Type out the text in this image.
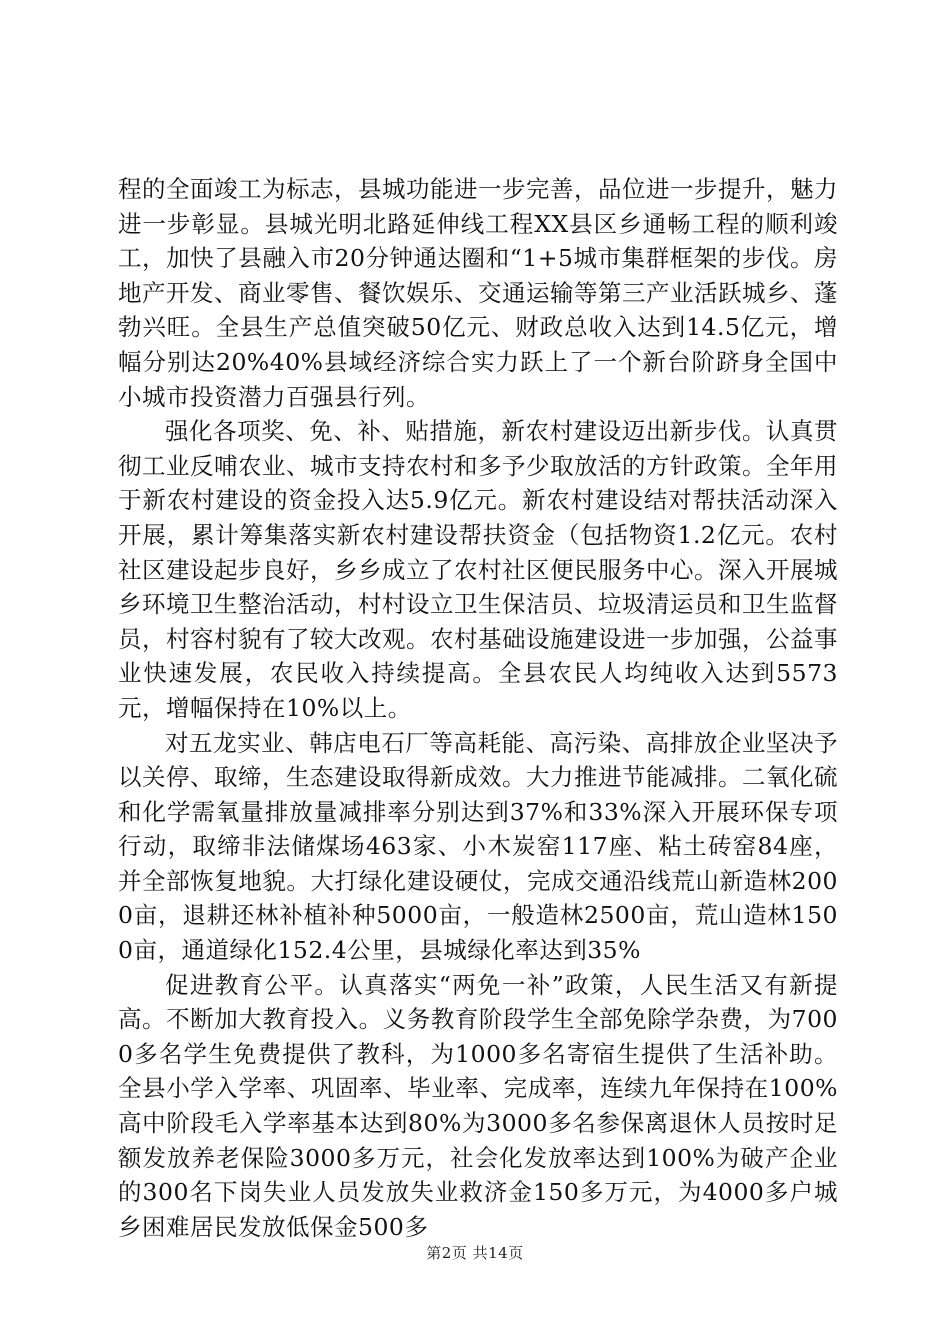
程的全面竣工为标志，县城功能进一步完善，品位进一步提升，魅力进一步彰显。县城光明北路延伸线工程XX县区乡通畅工程的顺利竣工，加快了县融入市20分钟通达圈和“1+5城市集群框架的步伐。房地产开发、商业零售、餐饮娱乐、交通运输等第三产业活跃城乡、蓬勃兴旺。全县生产总值突破50亿元、财政总收入达到14.5亿元，增幅分别达20%40%县域经济综合实力跃上了一个新台阶跻身全国中小城市投资潜力百强县行列。

强化各项奖、免、补、贴措施，新农村建设迈出新步伐。认真贯彻工业反哺农业、城市支持农村和多予少取放活的方针政策。全年用于新农村建设的资金投入达5.9亿元。新农村建设结对帮扶活动深入开展，累计筹集落实新农村建设帮扶资金（包括物资1.2亿元。农村社区建设起步良好，乡乡成立了农村社区便民服务中心。深入开展城乡环境卫生整治活动，村村设立卫生保洁员、垃圾清运员和卫生监督员，村容村貌有了较大改观。农村基础设施建设进一步加强，公益事业快速发展，农民收入持续提高。全县农民人均纯收入达到5573元，增幅保持在10%以上。

对五龙实业、韩店电石厂等高耗能、高污染、高排放企业坚决予以关停、取缔，生态建设取得新成效。大力推进节能减排。二氧化硫和化学需氧量排放量减排率分别达到37%和33%深入开展环保专项行动，取缔非法储煤场463家、小木炭窑117座、粘土砖窑84座，并全部恢复地貌。大打绿化建设硬仗，完成交通沿线荒山新造林2000亩，退耕还林补植补种5000亩，一般造林2500亩，荒山造林1500亩，通道绿化152.4公里，县城绿化率达到35%

促进教育公平。认真落实“两免一补”政策，人民生活又有新提高。不断加大教育投入。义务教育阶段学生全部免除学杂费，为7000多名学生免费提供了教科，为1000多名寄宿生提供了生活补助。全县小学入学率、巩固率、毕业率、完成率，连续九年保持在100%高中阶段毛入学率基本达到80%为3000多名参保离退休人员按时足额发放养老保险3000多万元，社会化发放率达到100%为破产企业的300名下岗失业人员发放失业救济金150多万元，为4000多户城乡困难居民发放低保金500多

第2页 共14页
